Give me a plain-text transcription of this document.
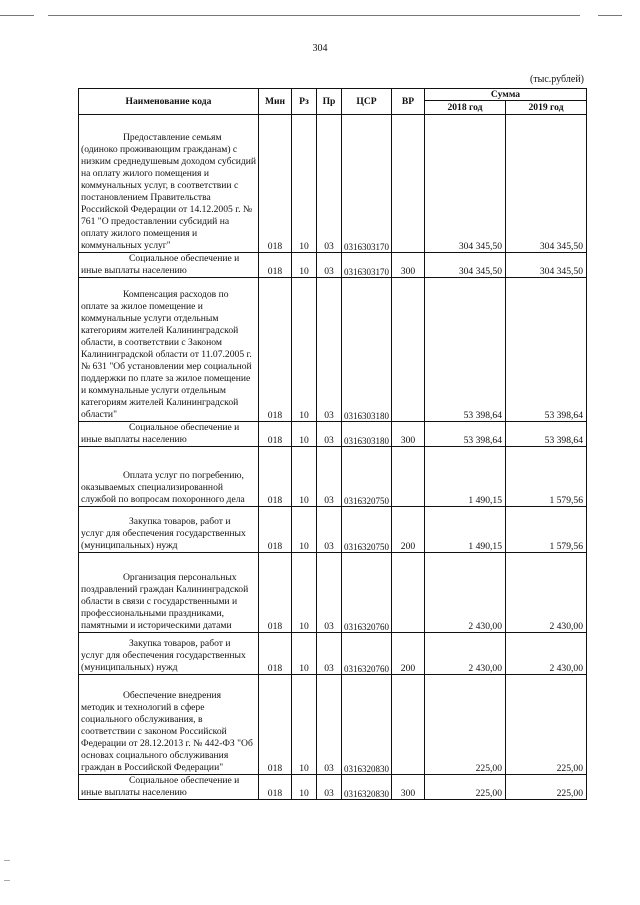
304
(тыс.рублей)
Наименование кода	Мин	Рз	Пр	ЦСР	ВР	Сумма	
						2018 год	2019 год

Предоставление семьям
(одиноко проживающим гражданам) с низким среднедушевым доходом субсидий на оплату жилого помещения и коммунальных услуг, в соответствии с постановлением Правительства Российской Федерации от 14.12.2005 г. № 761 "О предоставлении субсидий на оплату жилого помещения и коммунальных услуг"	018	10	03	0316303170		304 345,50	304 345,50

Социальное обеспечение и
иные выплаты населению	018	10	03	0316303170	300	304 345,50	304 345,50

Компенсация расходов по
оплате за жилое помещение и коммунальные услуги отдельным категориям жителей Калининградской области, в соответствии с Законом Калининградской области от 11.07.2005 г. № 631 "Об установлении мер социальной поддержки по плате за жилое помещение и коммунальные услуги отдельным категориям жителей Калининградской области"	018	10	03	0316303180		53 398,64	53 398,64

Социальное обеспечение и
иные выплаты населению	018	10	03	0316303180	300	53 398,64	53 398,64

Оплата услуг по погребению,
оказываемых специализированной службой по вопросам похоронного дела	018	10	03	0316320750		1 490,15	1 579,56

Закупка товаров, работ и
услуг для обеспечения государственных (муниципальных) нужд	018	10	03	0316320750	200	1 490,15	1 579,56

Организация персональных
поздравлений граждан Калининградской области в связи с государственными и профессиональными праздниками, памятными и историческими датами	018	10	03	0316320760		2 430,00	2 430,00

Закупка товаров, работ и
услуг для обеспечения государственных (муниципальных) нужд	018	10	03	0316320760	200	2 430,00	2 430,00

Обеспечение внедрения
методик и технологий в сфере социального обслуживания, в соответствии с законом Российской Федерации от 28.12.2013 г. № 442-ФЗ "Об основах социального обслуживания граждан в Российской Федерации"	018	10	03	0316320830		225,00	225,00

Социальное обеспечение и
иные выплаты населению	018	10	03	0316320830	300	225,00	225,00
